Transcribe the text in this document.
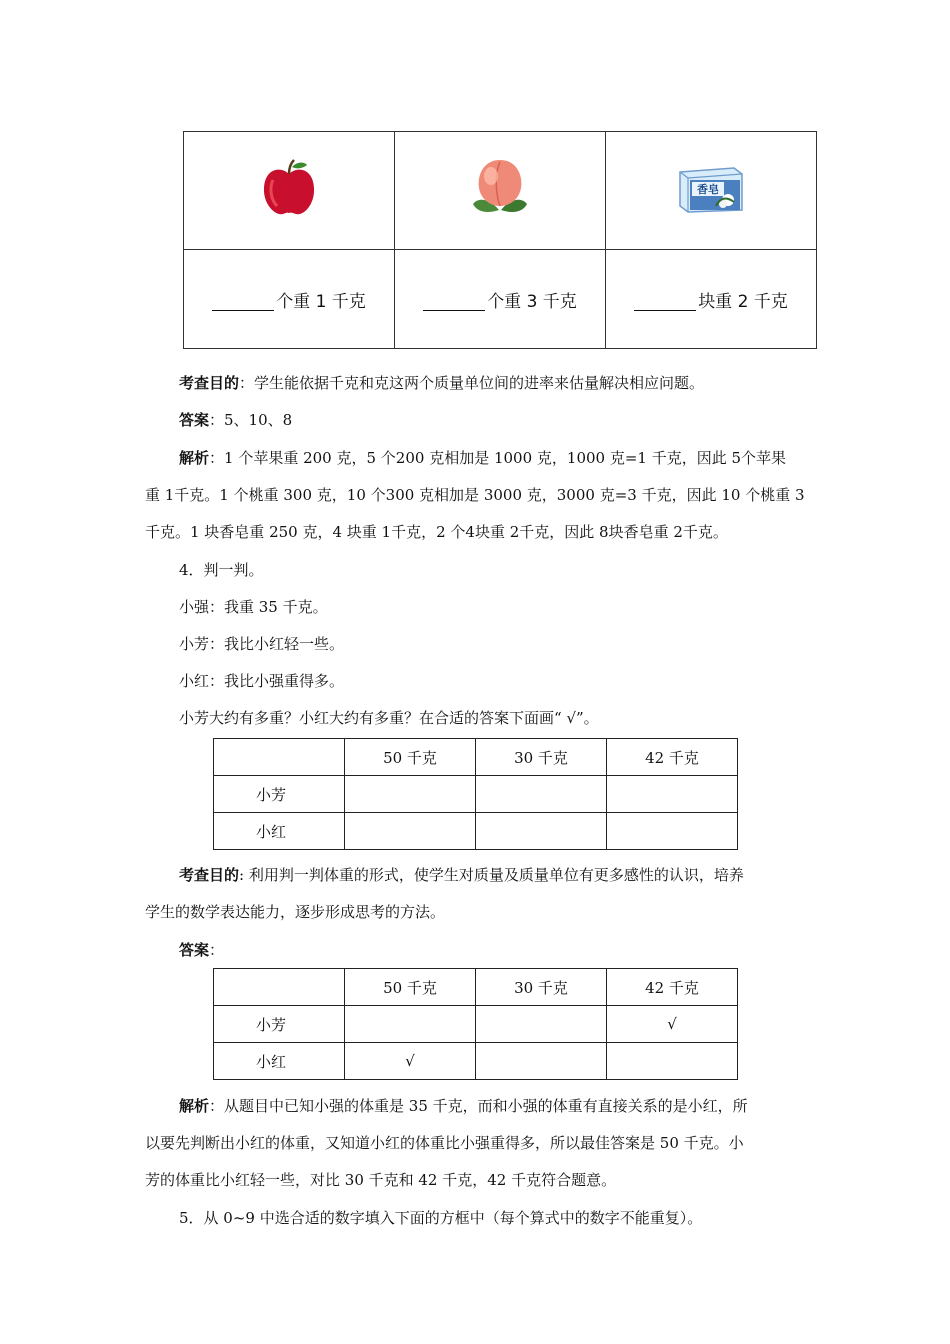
香皂

个重 1 千克	个重 3 千克	块重 2 千克
考查目的：学生能依据千克和克这两个质量单位间的进率来估量解决相应问题。
答案：5、10、8
解析：1 个苹果重 200 克，5 个200 克相加是 1000 克，1000 克=1 千克，因此 5个苹果
重 1千克。1 个桃重 300 克，10 个300 克相加是 3000 克，3000 克=3 千克，因此 10 个桃重 3
千克。1 块香皂重 250 克，4 块重 1千克，2 个4块重 2千克，因此 8块香皂重 2千克。
4．判一判。
小强：我重 35 千克。
小芳：我比小红轻一些。
小红：我比小强重得多。
小芳大约有多重？小红大约有多重？在合适的答案下面画“ √”。
	50 千克	30 千克	42 千克
小芳			
小红			
考查目的: 利用判一判体重的形式，使学生对质量及质量单位有更多感性的认识，培养
学生的数学表达能力，逐步形成思考的方法。
答案：
	50 千克	30 千克	42 千克
小芳			√
小红	√		
解析：从题目中已知小强的体重是 35 千克，而和小强的体重有直接关系的是小红，所
以要先判断出小红的体重，又知道小红的体重比小强重得多，所以最佳答案是 50 千克。小
芳的体重比小红轻一些，对比 30 千克和 42 千克，42 千克符合题意。
5．从 0~9 中选合适的数字填入下面的方框中（每个算式中的数字不能重复）。
